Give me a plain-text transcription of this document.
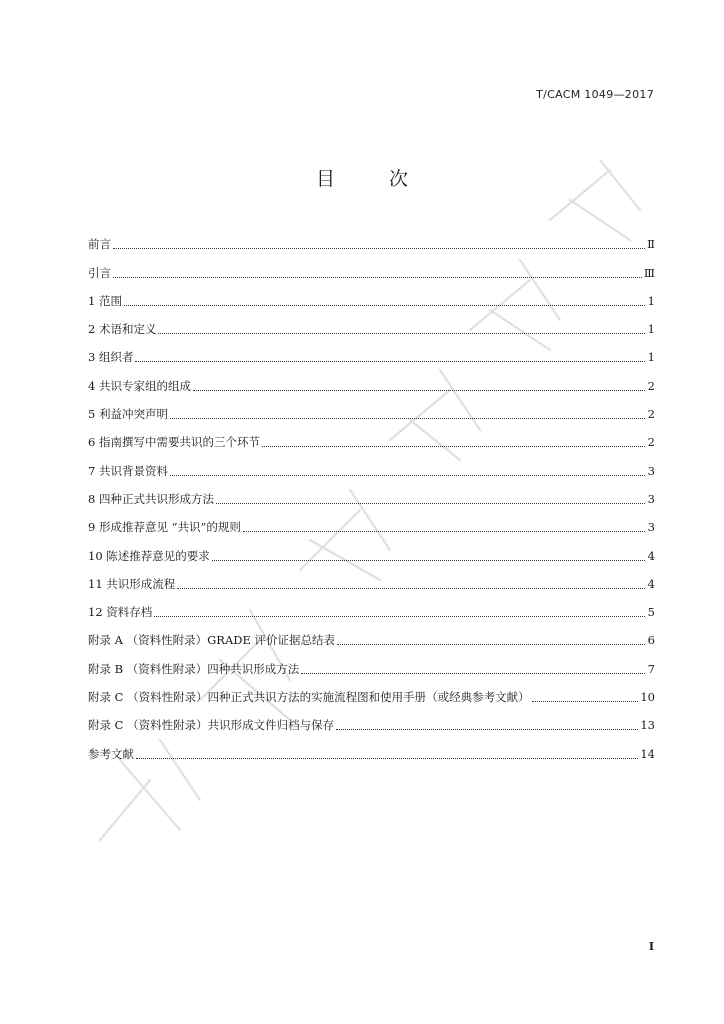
T/CACM 1049—2017
目 次
前言	Ⅱ
引言	Ⅲ
1 范围	1
2 术语和定义	1
3 组织者	1
4 共识专家组的组成	2
5 利益冲突声明	2
6 指南撰写中需要共识的三个环节	2
7 共识背景资料	3
8 四种正式共识形成方法	3
9 形成推荐意见 “共识”的规则	3
10 陈述推荐意见的要求	4
11 共识形成流程	4
12 资料存档	5
附录 A （资料性附录）GRADE 评价证据总结表	6
附录 B （资料性附录）四种共识形成方法	7
附录 C （资料性附录）四种正式共识方法的实施流程图和使用手册（或经典参考文献）	10
附录 C （资料性附录）共识形成文件归档与保存	13
参考文献	14
I
